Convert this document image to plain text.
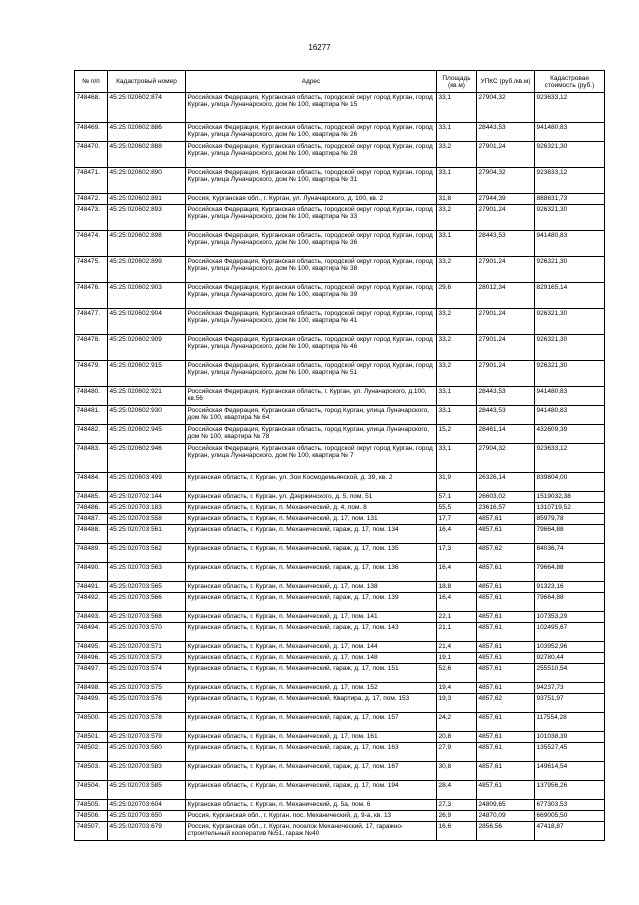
16277
№ п/п	Кадастровый номер	Адрес	Площадь (кв.м)	УПКС (руб./кв.м)	Кадастровая стоимость (руб.)
748468.	45:25:020602:874	Российская Федерация, Курганская область, городской округ город Курган, город Курган, улица Луначарского, дом № 100, квартира № 15	33,1	27904,32	923633,12
748469.	45:25:020602:886	Российская Федерация, Курганская область, городской округ город Курган, город Курган, улица Луначарского, дом № 100, квартира № 26	33,1	28443,53	941480,83
748470.	45:25:020602:888	Российская Федерация, Курганская область, городской округ город Курган, город Курган, улица Луначарского, дом № 100, квартира № 28	33,2	27901,24	926321,30
748471.	45:25:020602:890	Российская Федерация, Курганская область, городской округ город Курган, город Курган, улица Луначарского, дом № 100, квартира № 31	33,1	27904,32	923633,12
748472.	45:25:020602:891	Россия, Курганская обл., г. Курган, ул. Луначарского, д. 100, кв. 2	31,8	27944,39	888631,73
748473.	45:25:020602:893	Российская Федерация, Курганская область, городской округ город Курган, город Курган, улица Луначарского, дом № 100, квартира № 33	33,2	27901,24	926321,30
748474.	45:25:020602:898	Российская Федерация, Курганская область, городской округ город Курган, город Курган, улица Луначарского, дом № 100, квартира № 36	33,1	28443,53	941480,83
748475.	45:25:020602:899	Российская Федерация, Курганская область, городской округ город Курган, город Курган, улица Луначарского, дом № 100, квартира № 38	33,2	27901,24	926321,30
748476.	45:25:020602:903	Российская Федерация, Курганская область, городской округ город Курган, город Курган, улица Луначарского, дом № 100, квартира № 39	29,6	28012,34	829165,14
748477.	45:25:020602:904	Российская Федерация, Курганская область, городской округ город Курган, город Курган, улица Луначарского, дом № 100, квартира № 41	33,2	27901,24	926321,30
748478.	45:25:020602:909	Российская Федерация, Курганская область, городской округ город Курган, город Курган, улица Луначарского, дом № 100, квартира № 46	33,2	27901,24	926321,30
748479.	45:25:020602:915	Российская Федерация, Курганская область, городской округ город Курган, город Курган, улица Луначарского, дом № 100, квартира № 51	33,2	27901,24	926321,30
748480.	45:25:020602:921	Российская Федерация, Курганская область, г. Курган, ул. Луначарского, д.100, кв.56	33,1	28443,53	941480,83
748481.	45:25:020602:930	Российская Федерация, Курганская область, город Курган, улица Луначарского, дом № 100, квартира № 64	33,1	28443,53	941480,83
748482.	45:25:020602:945	Российская Федерация, Курганская область, город Курган, улица Луначарского, дом № 100, квартира № 78	15,2	28461,14	432609,39
748483.	45:25:020602:946	Российская Федерация, Курганская область, городской округ город Курган, город Курган, улица Луначарского, дом № 100, квартира № 7	33,1	27904,32	923633,12
748484.	45:25:020603:499	Курганская область, г. Курган, ул. Зои Космодемьянской, д. 39, кв. 2	31,9	26326,14	839804,00
748485.	45:25:020702:144	Курганская область, г. Курган, ул. Дзержинского, д. 5, пом. 51	57,1	26603,02	1519032,38
748486.	45:25:020703:183	Курганская область, г. Курган, п. Механический, д. 4, пом. 8	55,5	23616,57	1310719,52
748487.	45:25:020703:558	Курганская область, г. Курган, п. Механический, д. 17, пом. 131	17,7	4857,61	85979,78
748488.	45:25:020703:561	Курганская область, г. Курган, п. Механический, гараж, д. 17, пом. 134	16,4	4857,61	79664,88
748489.	45:25:020703:562	Курганская область, г. Курган, п. Механический, гараж, д. 17, пом. 135	17,3	4857,62	84036,74
748490.	45:25:020703:563	Курганская область, г. Курган, п. Механический, гараж, д. 17, пом. 136	16,4	4857,61	79664,88
748491.	45:25:020703:565	Курганская область, г. Курган, п. Механический, д. 17, пом. 138	18,8	4857,61	91323,16
748492.	45:25:020703:566	Курганская область, г. Курган, п. Механический, гараж, д. 17, пом. 139	16,4	4857,61	79664,88
748493.	45:25:020703:568	Курганская область, г. Курган, п. Механический, д. 17, пом. 141	22,1	4857,61	107353,29
748494.	45:25:020703:570	Курганская область, г. Курган, п. Механический, гараж, д. 17, пом. 143	21,1	4857,61	102495,67
748495.	45:25:020703:571	Курганская область, г. Курган, п. Механический, д. 17, пом. 144	21,4	4857,61	103952,96
748496.	45:25:020703:573	Курганская область, г. Курган, п. Механический, д. 17, пом. 148	19,1	4857,61	92780,44
748497.	45:25:020703:574	Курганская область, г. Курган, п. Механический, гараж, д. 17, пом. 151	52,6	4857,61	255510,54
748498.	45:25:020703:575	Курганская область, г. Курган, п. Механический, д. 17, пом. 152	19,4	4857,61	94237,73
748499.	45:25:020703:576	Курганская область, г. Курган, п. Механический, Квартира, д. 17, пом. 153	19,3	4857,62	93751,97
748500.	45:25:020703:578	Курганская область, г. Курган, п. Механический, гараж, д. 17, пом. 157	24,2	4857,61	117554,28
748501.	45:25:020703:579	Курганская область, г. Курган, п. Механический, д. 17, пом. 161	20,8	4857,61	101038,39
748502.	45:25:020703:580	Курганская область, г. Курган, п. Механический, гараж, д. 17, пом. 163	27,9	4857,61	135527,45
748503.	45:25:020703:583	Курганская область, г. Курган, п. Механический, гараж, д. 17, пом. 167	30,8	4857,61	149614,54
748504.	45:25:020703:585	Курганская область, г. Курган, п. Механический, гараж, д. 17, пом. 194	28,4	4857,61	137956,26
748505.	45:25:020703:604	Курганская область, г. Курган, п. Механический, д. 5а, пом. 6	27,3	24809,65	677303,53
748506.	45:25:020703:650	Россия, Курганская обл., г. Курган, пос. Механический, д. 9-а, кв. 13	26,9	24870,09	669005,50
748507.	45:25:020703:679	Россия, Курганская обл., г. Курган, поселок Механический, 17, гаражно-строительный кооператив №51, гараж №40	16,6	2856,56	47418,87
